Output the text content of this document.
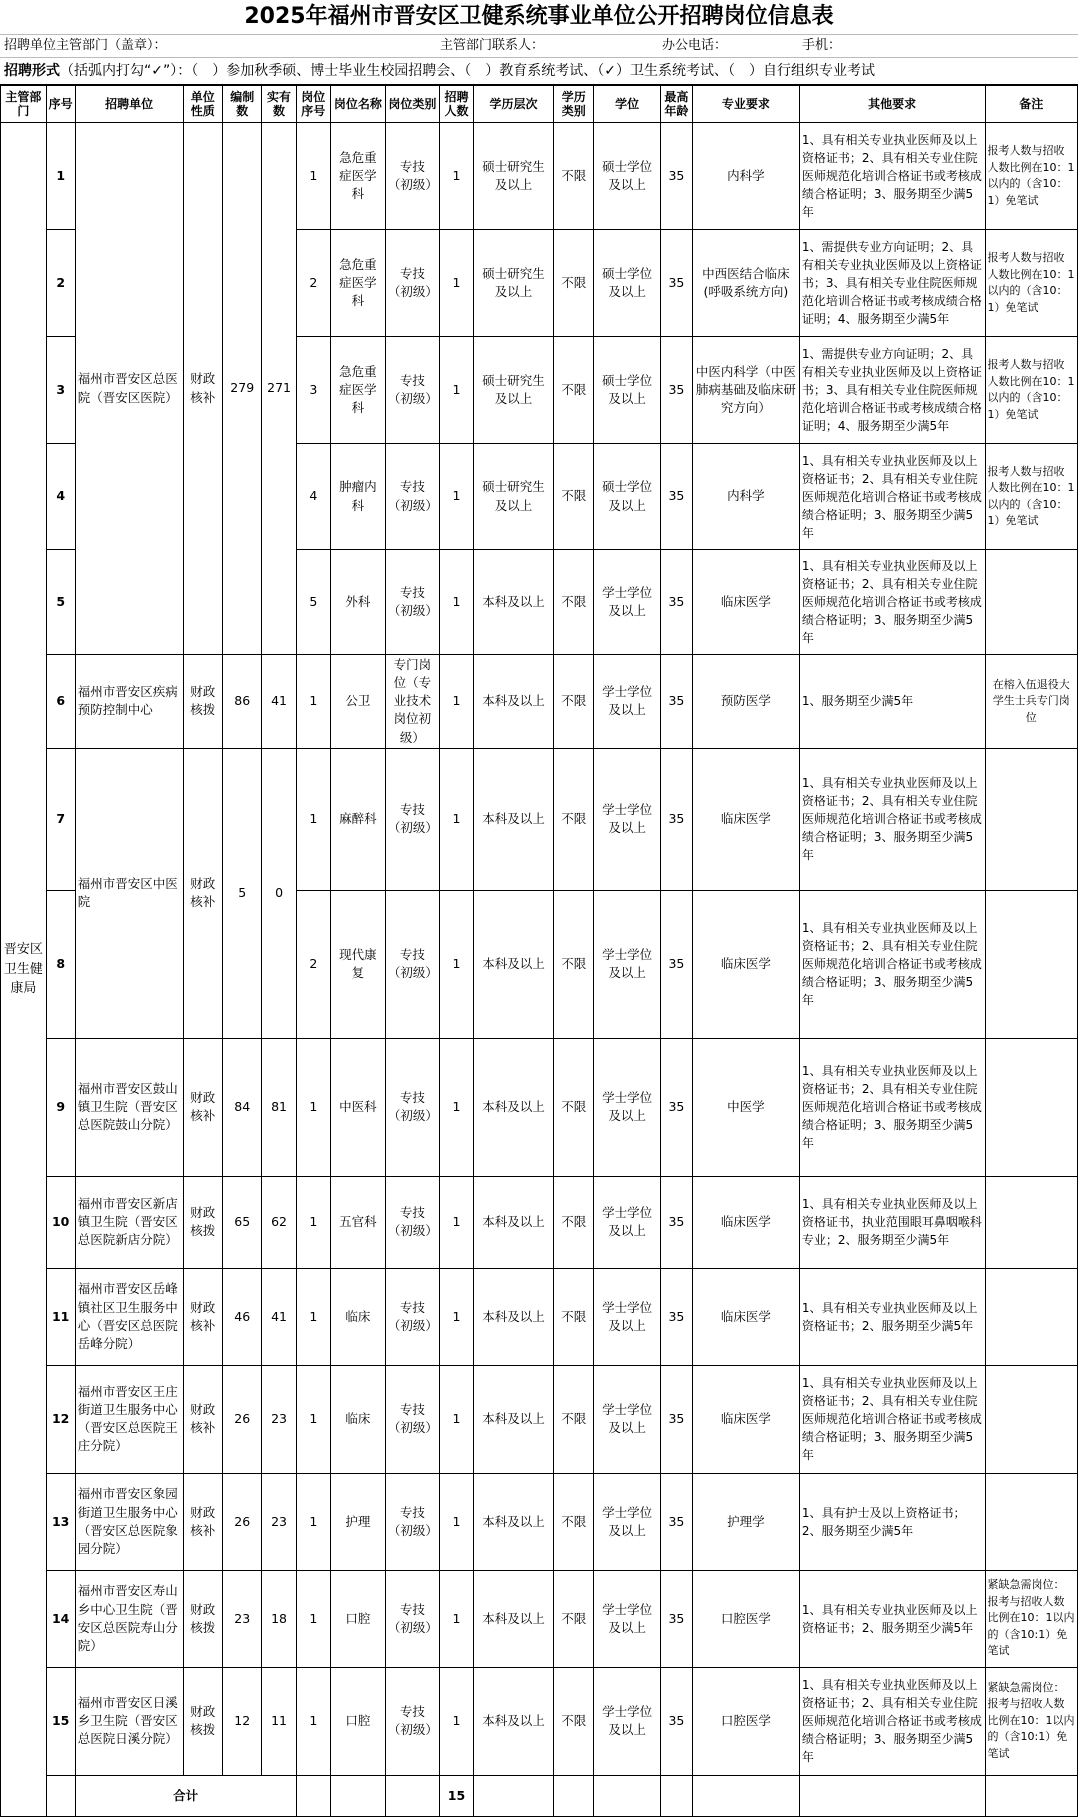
2025年福州市晋安区卫健系统事业单位公开招聘岗位信息表
招聘单位主管部门（盖章）：	主管部门联系人：	办公电话：	手机：
招聘形式（括弧内打勾“✓”）：（　）参加秋季硕、博士毕业生校园招聘会、（　）教育系统考试、（✓）卫生系统考试、（　）自行组织专业考试
主管部门	序号	招聘单位	单位性质	编制数	实有数	岗位序号	岗位名称	岗位类别	招聘人数	学历层次	学历类别	学位	最高年龄	专业要求	其他要求	备注
晋安区卫生健康局	1	福州市晋安区总医院（晋安区医院）	财政核补	279	271	1	急危重症医学科	专技（初级）	1	硕士研究生及以上	不限	硕士学位及以上	35	内科学	1、具有相关专业执业医师及以上资格证书；2、具有相关专业住院医师规范化培训合格证书或考核成绩合格证明；3、服务期至少满5年	报考人数与招收人数比例在10：1以内的（含10：1）免笔试
	2					2	急危重症医学科	专技（初级）	1	硕士研究生及以上	不限	硕士学位及以上	35	中西医结合临床(呼吸系统方向)	1、需提供专业方向证明；2、具有相关专业执业医师及以上资格证书；3、具有相关专业住院医师规范化培训合格证书或考核成绩合格证明；4、服务期至少满5年	报考人数与招收人数比例在10：1以内的（含10：1）免笔试
	3					3	急危重症医学科	专技（初级）	1	硕士研究生及以上	不限	硕士学位及以上	35	中医内科学（中医肺病基础及临床研究方向）	1、需提供专业方向证明；2、具有相关专业执业医师及以上资格证书；3、具有相关专业住院医师规范化培训合格证书或考核成绩合格证明；4、服务期至少满5年	报考人数与招收人数比例在10：1以内的（含10：1）免笔试
	4					4	肿瘤内科	专技（初级）	1	硕士研究生及以上	不限	硕士学位及以上	35	内科学	1、具有相关专业执业医师及以上资格证书；2、具有相关专业住院医师规范化培训合格证书或考核成绩合格证明；3、服务期至少满5年	报考人数与招收人数比例在10：1以内的（含10：1）免笔试
	5					5	外科	专技（初级）	1	本科及以上	不限	学士学位及以上	35	临床医学	1、具有相关专业执业医师及以上资格证书；2、具有相关专业住院医师规范化培训合格证书或考核成绩合格证明；3、服务期至少满5年	
	6	福州市晋安区疾病预防控制中心	财政核拨	86	41	1	公卫	专门岗位（专业技术岗位初级）	1	本科及以上	不限	学士学位及以上	35	预防医学	1、服务期至少满5年	在榕入伍退役大学生士兵专门岗位
	7	福州市晋安区中医院	财政核补	5	0	1	麻醉科	专技（初级）	1	本科及以上	不限	学士学位及以上	35	临床医学	1、具有相关专业执业医师及以上资格证书；2、具有相关专业住院医师规范化培训合格证书或考核成绩合格证明；3、服务期至少满5年	
	8					2	现代康复	专技（初级）	1	本科及以上	不限	学士学位及以上	35	临床医学	1、具有相关专业执业医师及以上资格证书；2、具有相关专业住院医师规范化培训合格证书或考核成绩合格证明；3、服务期至少满5年	
	9	福州市晋安区鼓山镇卫生院（晋安区总医院鼓山分院）	财政核补	84	81	1	中医科	专技（初级）	1	本科及以上	不限	学士学位及以上	35	中医学	1、具有相关专业执业医师及以上资格证书；2、具有相关专业住院医师规范化培训合格证书或考核成绩合格证明；3、服务期至少满5年	
	10	福州市晋安区新店镇卫生院（晋安区总医院新店分院）	财政核拨	65	62	1	五官科	专技（初级）	1	本科及以上	不限	学士学位及以上	35	临床医学	1、具有相关专业执业医师及以上资格证书，执业范围眼耳鼻咽喉科专业；2、服务期至少满5年	
	11	福州市晋安区岳峰镇社区卫生服务中心（晋安区总医院岳峰分院）	财政核补	46	41	1	临床	专技（初级）	1	本科及以上	不限	学士学位及以上	35	临床医学	1、具有相关专业执业医师及以上资格证书；2、服务期至少满5年	
	12	福州市晋安区王庄街道卫生服务中心（晋安区总医院王庄分院）	财政核补	26	23	1	临床	专技（初级）	1	本科及以上	不限	学士学位及以上	35	临床医学	1、具有相关专业执业医师及以上资格证书；2、具有相关专业住院医师规范化培训合格证书或考核成绩合格证明；3、服务期至少满5年	
	13	福州市晋安区象园街道卫生服务中心（晋安区总医院象园分院）	财政核补	26	23	1	护理	专技（初级）	1	本科及以上	不限	学士学位及以上	35	护理学	1、具有护士及以上资格证书；2、服务期至少满5年	
	14	福州市晋安区寿山乡中心卫生院（晋安区总医院寿山分院）	财政核拨	23	18	1	口腔	专技（初级）	1	本科及以上	不限	学士学位及以上	35	口腔医学	1、具有相关专业执业医师及以上资格证书；2、服务期至少满5年	紧缺急需岗位：报考与招收人数比例在10：1以内的（含10:1）免笔试
	15	福州市晋安区日溪乡卫生院（晋安区总医院日溪分院）	财政核拨	12	11	1	口腔	专技（初级）	1	本科及以上	不限	学士学位及以上	35	口腔医学	1、具有相关专业执业医师及以上资格证书；2、具有相关专业住院医师规范化培训合格证书或考核成绩合格证明；3、服务期至少满5年	紧缺急需岗位：报考与招收人数比例在10：1以内的（含10:1）免笔试
		合计							15							
